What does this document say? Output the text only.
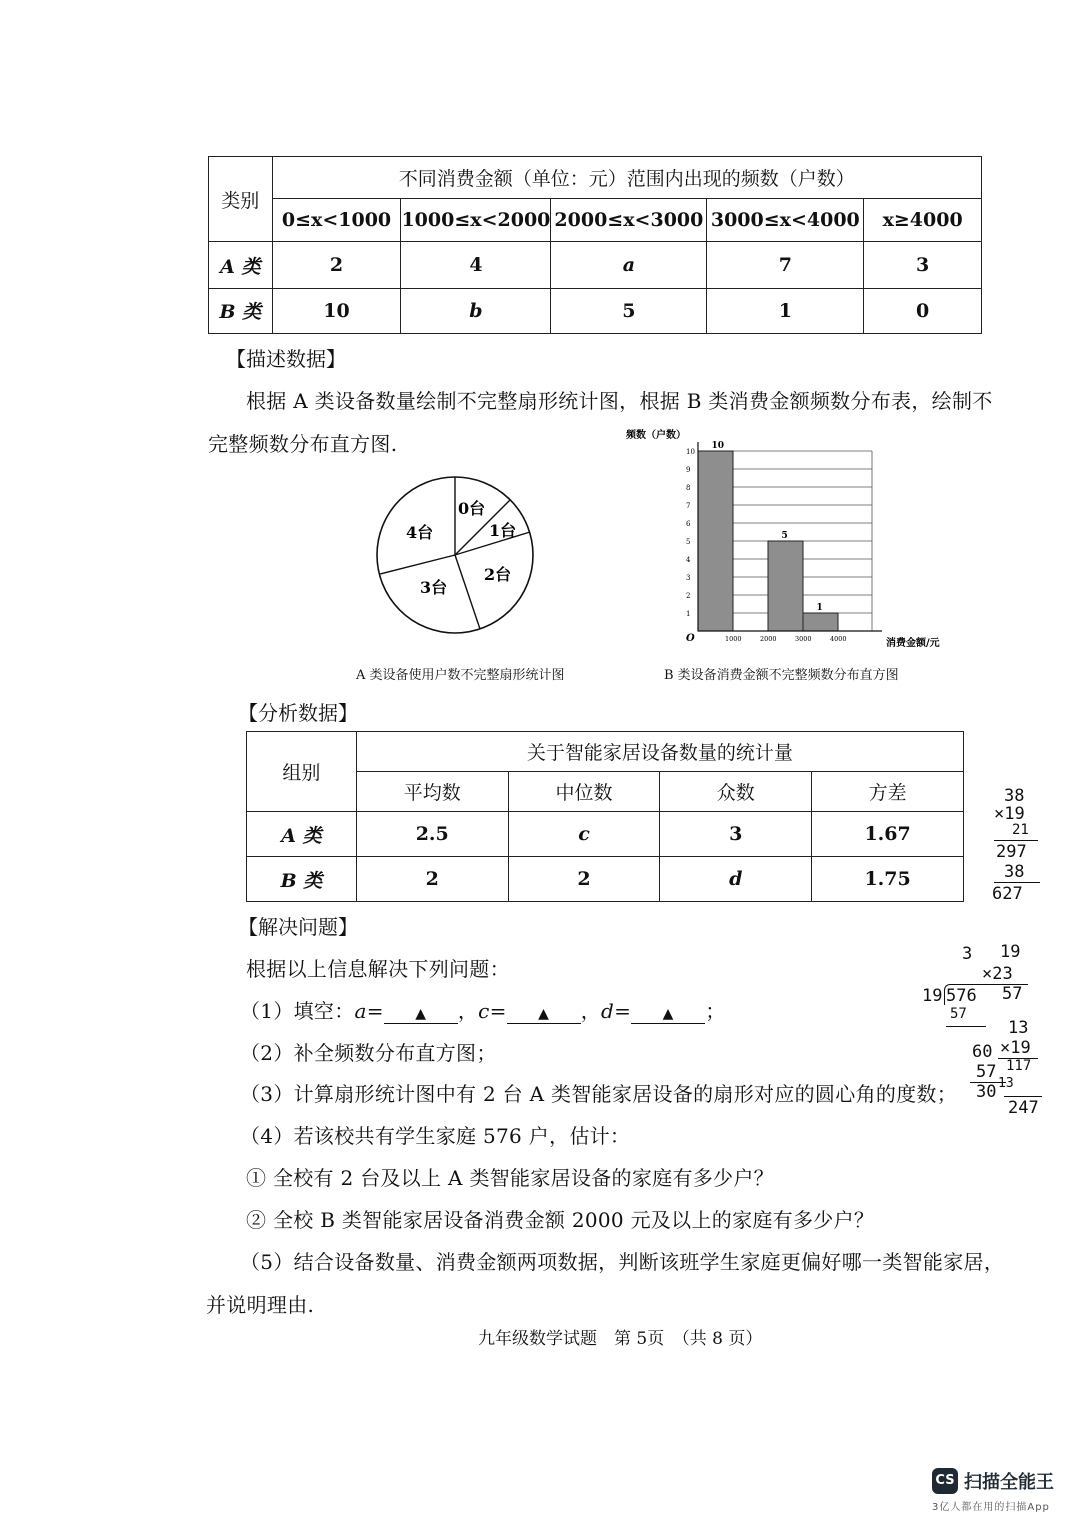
类别	不同消费金额（单位：元）范围内出现的频数（户数）				
	0≤x<1000	1000≤x<2000	2000≤x<3000	3000≤x<4000	x≥4000
A 类	2	4	a	7	3
B 类	10	b	5	1	0
【描述数据】
根据 A 类设备数量绘制不完整扇形统计图，根据 B 类消费金额频数分布表，绘制不
完整频数分布直方图.
0台
1台
2台
3台
4台
A 类设备使用户数不完整扇形统计图
频数（户数）
消费金额/元
O
10
5
1
1
2
3
4
5
6
7
8
9
10
1000	2000	3000	4000
B 类设备消费金额不完整频数分布直方图
【分析数据】
组别	关于智能家居设备数量的统计量			
	平均数	中位数	众数	方差
A 类	2.5	c	3	1.67
B 类	2	2	d	1.75
【解决问题】
根据以上信息解决下列问题：
（1）填空：a= ▲ ，c= ▲ ，d= ▲ ；
（2）补全频数分布直方图；
（3）计算扇形统计图中有 2 台 A 类智能家居设备的扇形对应的圆心角的度数；
（4）若该校共有学生家庭 576 户，估计：
① 全校有 2 台及以上 A 类智能家居设备的家庭有多少户？
② 全校 B 类智能家居设备消费金额 2000 元及以上的家庭有多少户？
（5）结合设备数量、消费金额两项数据，判断该班学生家庭更偏好哪一类智能家居，
并说明理由.
九年级数学试题　第 5页　（共 8 页）
38
×19
21
297
38
627
3 19
×23
19 576
57
57
13
60 ×19
117
57
30 13
247
CS 扫描全能王
3亿人都在用的扫描App
